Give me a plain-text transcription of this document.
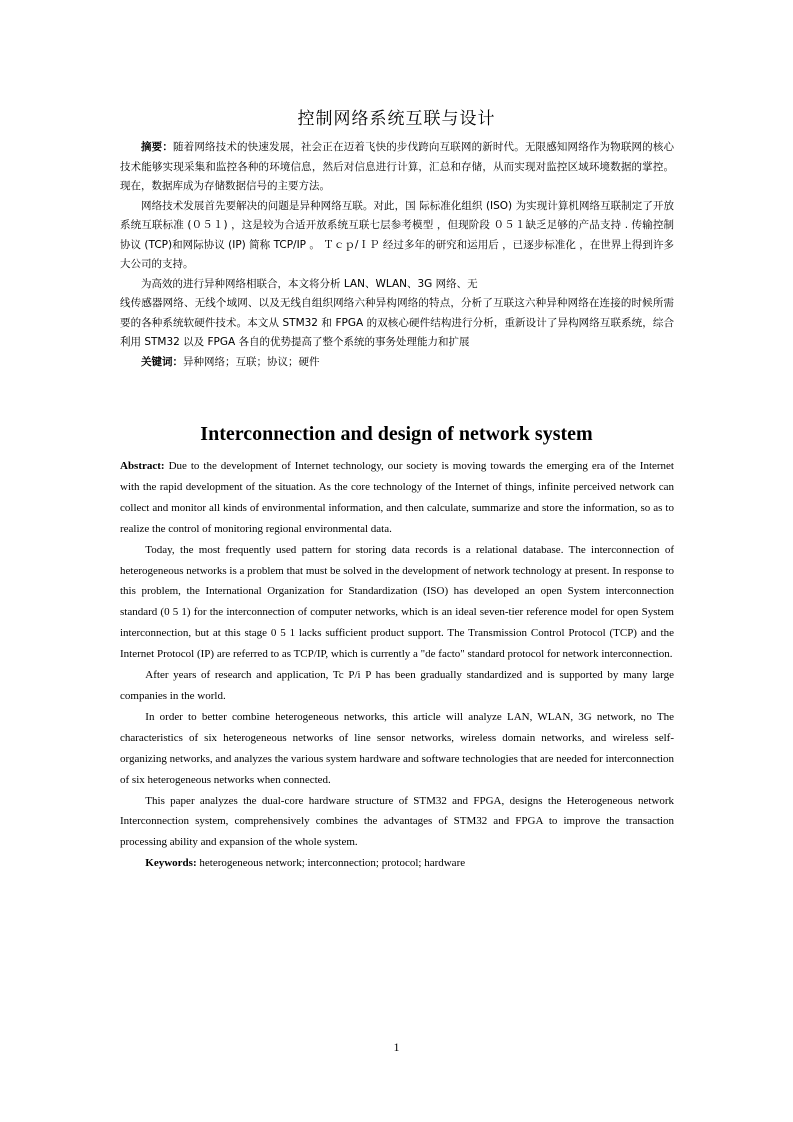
控制网络系统互联与设计

摘要：随着网络技术的快速发展，社会正在迈着飞快的步伐跨向互联网的新时代。无限感知网络作为物联网的核心技术能够实现采集和监控各种的环境信息，然后对信息进行计算，汇总和存储，从而实现对监控区域环境数据的掌控。现在，数据库成为存储数据信号的主要方法。

网络技术发展首先要解决的问题是异种网络互联。对此，国 际标准化组织 (ISO) 为实现计算机网络互联制定了开放系统互联标准 (０５１) ，这是较为合适开放系统互联七层参考模型 ，但现阶段 ０５１缺乏足够的产品支持 . 传输控制协议 (TCP)和网际协议 (IP) 简称 TCP/IP 。 Ｔｃｐ/ＩＰ 经过多年的研究和运用后 ，已逐步标准化 ，在世界上得到许多大公司的支持。

为高效的进行异种网络相联合，本文将分析 LAN、WLAN、3G 网络、无

线传感器网络、无线个域网、以及无线自组织网络六种异构网络的特点，分析了互联这六种异种网络在连接的时候所需要的各种系统软硬件技术。本文从 STM32 和 FPGA 的双核心硬件结构进行分析，重新设计了异构网络互联系统，综合利用 STM32 以及 FPGA 各自的优势提高了整个系统的事务处理能力和扩展

关键词：异种网络；互联；协议；硬件

Interconnection and design of network system

Abstract: Due to the development of Internet technology, our society is moving towards the emerging era of the Internet with the rapid development of the situation. As the core technology of the Internet of things, infinite perceived network can collect and monitor all kinds of environmental information, and then calculate, summarize and store the information, so as to realize the control of monitoring regional environmental data.

Today, the most frequently used pattern for storing data records is a relational database. The interconnection of heterogeneous networks is a problem that must be solved in the development of network technology at present. In response to this problem, the International Organization for Standardization (ISO) has developed an open System interconnection standard (0 5 1) for the interconnection of computer networks, which is an ideal seven-tier reference model for open System interconnection, but at this stage 0 5 1 lacks sufficient product support. The Transmission Control Protocol (TCP) and the Internet Protocol (IP) are referred to as TCP/IP, which is currently a "de facto" standard protocol for network interconnection.

After years of research and application, Tc P/i P has been gradually standardized and is supported by many large companies in the world.

In order to better combine heterogeneous networks, this article will analyze LAN, WLAN, 3G network, no The characteristics of six heterogeneous networks of line sensor networks, wireless domain networks, and wireless self-organizing networks, and analyzes the various system hardware and software technologies that are needed for interconnection of six heterogeneous networks when connected.

This paper analyzes the dual-core hardware structure of STM32 and FPGA, designs the Heterogeneous network Interconnection system, comprehensively combines the advantages of STM32 and FPGA to improve the transaction processing ability and expansion of the whole system.

Keywords: heterogeneous network; interconnection; protocol; hardware

1
